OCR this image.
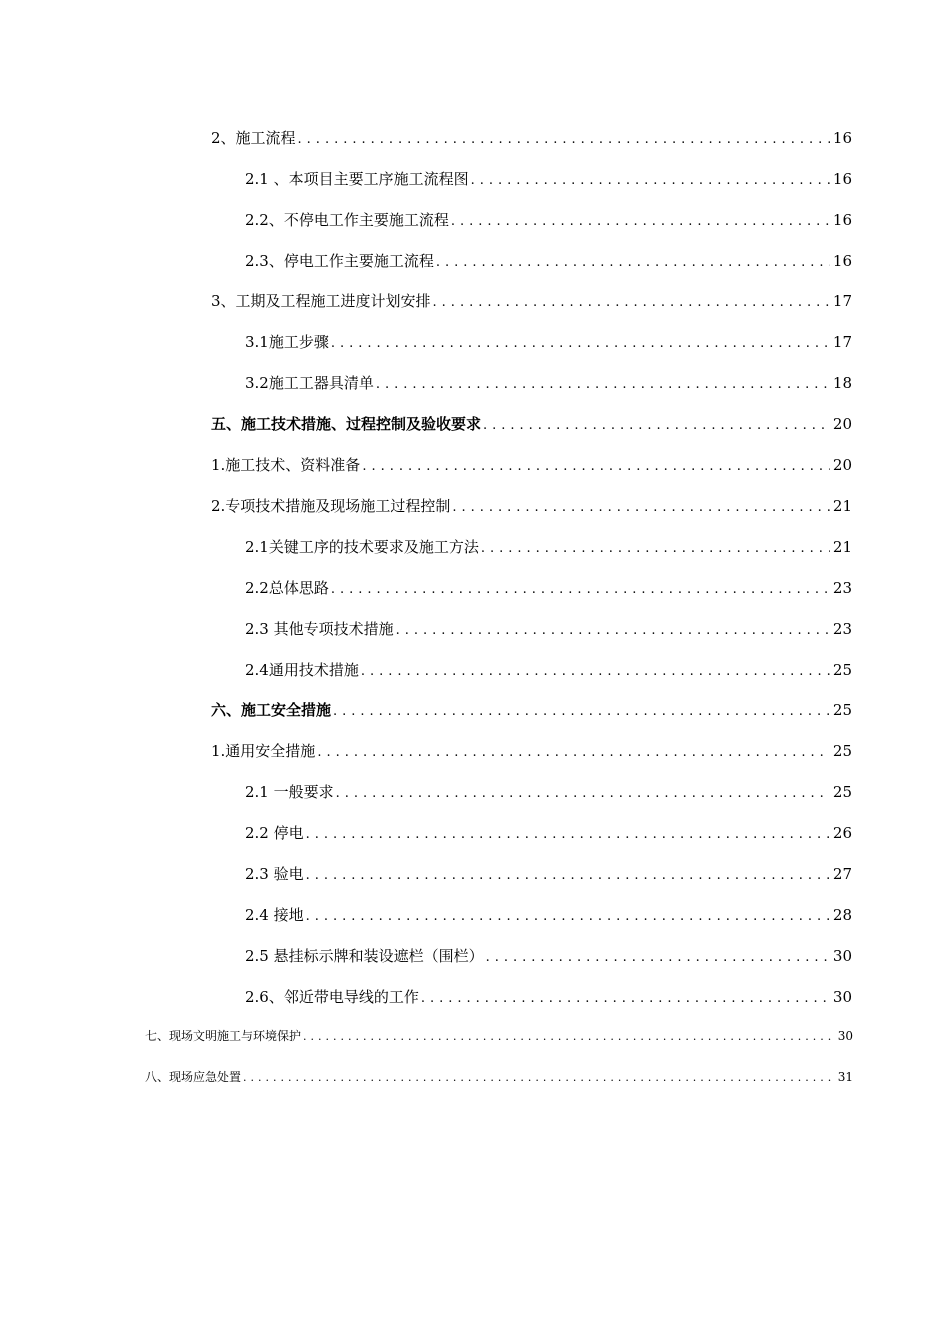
2、施工流程 .....	16
2.1 、本项目主要工序施工流程图 .....	16
2.2、不停电工作主要施工流程 .....	16
2.3、停电工作主要施工流程 .....	16
3、工期及工程施工进度计划安排 .....	17
3.1施工步骤 .....	17
3.2施工工器具清单 .....	18
五、施工技术措施、过程控制及验收要求 .....	20
1.施工技术、资料准备 .....	20
2.专项技术措施及现场施工过程控制 .....	21
2.1关键工序的技术要求及施工方法 .....	21
2.2总体思路 .....	23
2.3 其他专项技术措施 .....	23
2.4通用技术措施 .....	25
六、施工安全措施 .....	25
1.通用安全措施 .....	25
2.1 一般要求 .....	25
2.2 停电 .....	26
2.3 验电 .....	27
2.4 接地 .....	28
2.5 悬挂标示牌和装设遮栏（围栏） .....	30
2.6、邻近带电导线的工作 .....	30
七、现场文明施工与环境保护 .....	30
八、现场应急处置 .....	31
